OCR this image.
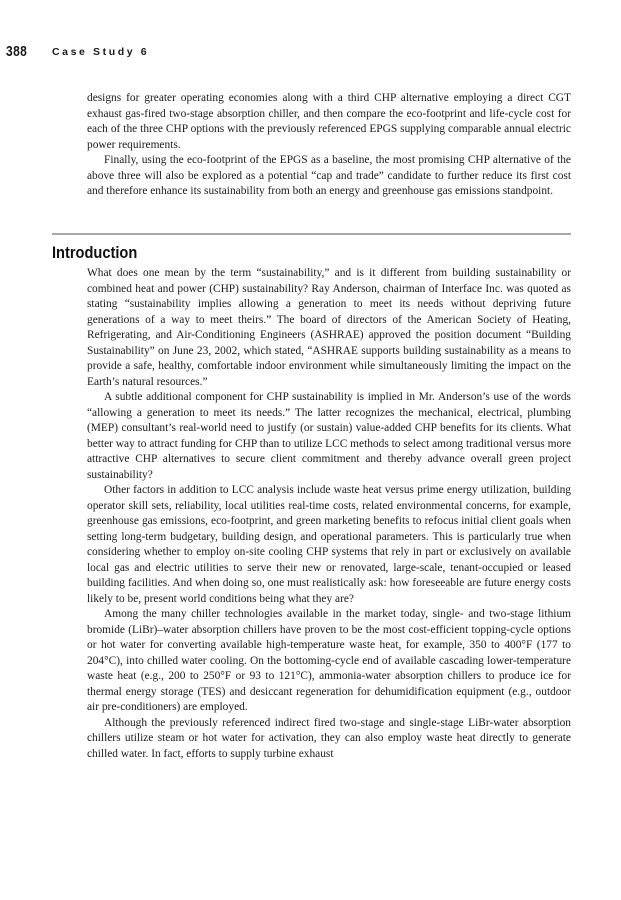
388 Case Study 6

designs for greater operating economies along with a third CHP alternative employing a direct CGT exhaust gas-fired two-stage absorption chiller, and then compare the eco-footprint and life-cycle cost for each of the three CHP options with the previously referenced EPGS supplying comparable annual electric power requirements.

Finally, using the eco-footprint of the EPGS as a baseline, the most promising CHP alternative of the above three will also be explored as a potential “cap and trade” candidate to further reduce its first cost and therefore enhance its sustainability from both an energy and greenhouse gas emissions standpoint.

Introduction

What does one mean by the term “sustainability,” and is it different from building sustainability or combined heat and power (CHP) sustainability? Ray Anderson, chairman of Interface Inc. was quoted as stating “sustainability implies allowing a generation to meet its needs without depriving future generations of a way to meet theirs.” The board of directors of the American Society of Heating, Refrigerating, and Air-Conditioning Engineers (ASHRAE) approved the position document “Building Sustainability” on June 23, 2002, which stated, “ASHRAE supports building sustainability as a means to provide a safe, healthy, comfortable indoor environment while simultaneously limiting the impact on the Earth’s natural resources.”

A subtle additional component for CHP sustainability is implied in Mr. Anderson’s use of the words “allowing a generation to meet its needs.” The latter recognizes the mechanical, electrical, plumbing (MEP) consultant’s real-world need to justify (or sustain) value-added CHP benefits for its clients. What better way to attract funding for CHP than to utilize LCC methods to select among traditional versus more attractive CHP alternatives to secure client commitment and thereby advance overall green project sustainability?

Other factors in addition to LCC analysis include waste heat versus prime energy utilization, building operator skill sets, reliability, local utilities real-time costs, related environmental concerns, for example, greenhouse gas emissions, eco-footprint, and green marketing benefits to refocus initial client goals when setting long-term budgetary, building design, and operational parameters. This is particularly true when considering whether to employ on-site cooling CHP systems that rely in part or exclusively on available local gas and electric utilities to serve their new or renovated, large-scale, tenant-occupied or leased building facilities. And when doing so, one must realistically ask: how foreseeable are future energy costs likely to be, present world conditions being what they are?

Among the many chiller technologies available in the market today, single- and two-stage lithium bromide (LiBr)–water absorption chillers have proven to be the most cost-efficient topping-cycle options or hot water for converting available high-temperature waste heat, for example, 350 to 400°F (177 to 204°C), into chilled water cooling. On the bottoming-cycle end of available cascading lower-temperature waste heat (e.g., 200 to 250°F or 93 to 121°C), ammonia-water absorption chillers to produce ice for thermal energy storage (TES) and desiccant regeneration for dehumidification equipment (e.g., outdoor air pre-conditioners) are employed.

Although the previously referenced indirect fired two-stage and single-stage LiBr-water absorption chillers utilize steam or hot water for activation, they can also employ waste heat directly to generate chilled water. In fact, efforts to supply turbine exhaust
